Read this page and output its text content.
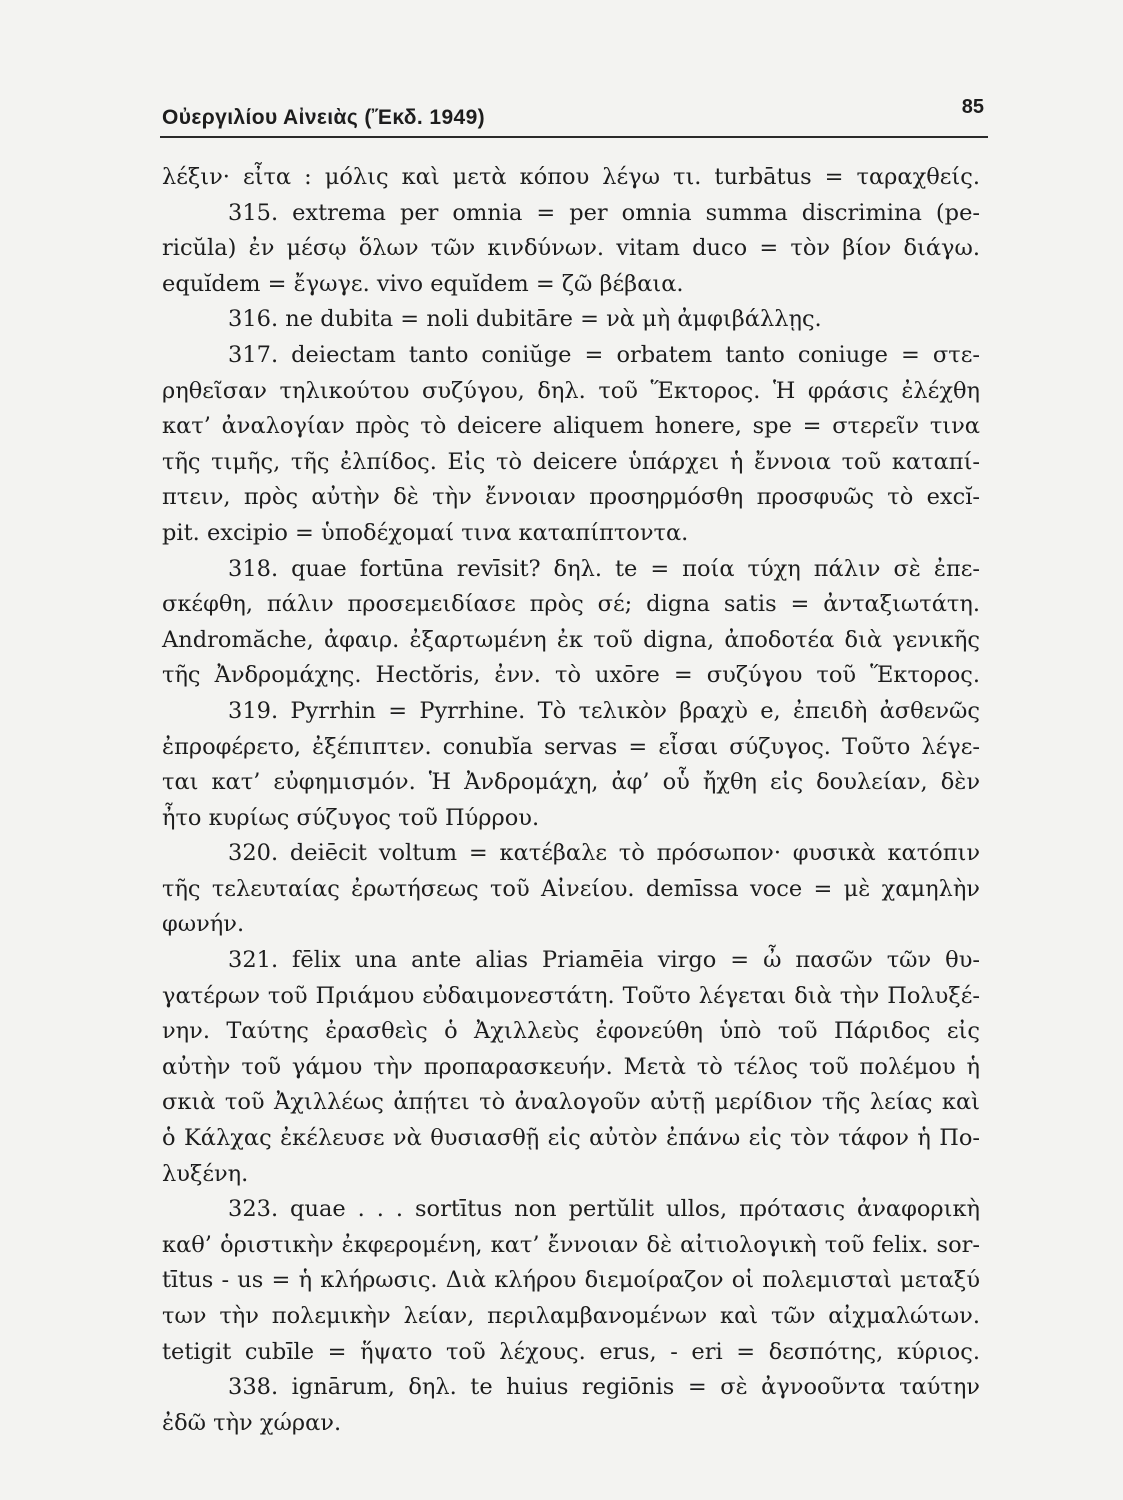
Οὐεργιλίου Αἰνειὰς (Ἔκδ. 1949)	85
λέξιν· εἶτα : μόλις καὶ μετὰ κόπου λέγω τι. turbātus = ταραχθείς.
315. extrema per omnia = per omnia summa discrimina (pe-
ricŭla) ἐν μέσῳ ὅλων τῶν κινδύνων. vitam duco = τὸν βίον διάγω.
equĭdem = ἔγωγε. vivo equĭdem = ζῶ βέβαια.
316. ne dubita = noli dubitāre = νὰ μὴ ἀμφιβάλλῃς.
317. deiectam tanto coniŭge = orbatem tanto coniuge = στε-
ρηθεῖσαν τηλικούτου συζύγου, δηλ. τοῦ Ἕκτορος. Ἡ φράσις ἐλέχθη
κατ’ ἀναλογίαν πρὸς τὸ deicere aliquem honere, spe = στερεῖν τινα
τῆς τιμῆς, τῆς ἐλπίδος. Εἰς τὸ deicere ὑπάρχει ἡ ἔννοια τοῦ καταπί-
πτειν, πρὸς αὐτὴν δὲ τὴν ἔννοιαν προσηρμόσθη προσφυῶς τὸ excĭ-
pit. excipio = ὑποδέχομαί τινα καταπίπτοντα.
318. quae fortūna revīsit? δηλ. te = ποία τύχη πάλιν σὲ ἐπε-
σκέφθη, πάλιν προσεμειδίασε πρὸς σέ; digna satis = ἀνταξιωτάτη.
Andromăche, ἀφαιρ. ἐξαρτωμένη ἐκ τοῦ digna, ἀποδοτέα διὰ γενικῆς
τῆς Ἀνδρομάχης. Hectŏris, ἐνν. τὸ uxōre = συζύγου τοῦ Ἕκτορος.
319. Pyrrhin = Pyrrhine. Τὸ τελικὸν βραχὺ e, ἐπειδὴ ἀσθενῶς
ἐπροφέρετο, ἐξέπιπτεν. conubĭa servas = εἶσαι σύζυγος. Τοῦτο λέγε-
ται κατ’ εὐφημισμόν. Ἡ Ἀνδρομάχη, ἀφ’ οὗ ἤχθη εἰς δουλείαν, δὲν
ἦτο κυρίως σύζυγος τοῦ Πύρρου.
320. deiēcit voltum = κατέβαλε τὸ πρόσωπον· φυσικὰ κατόπιν
τῆς τελευταίας ἐρωτήσεως τοῦ Αἰνείου. demīssa voce = μὲ χαμηλὴν
φωνήν.
321. fēlix una ante alias Priamēia virgo = ὦ πασῶν τῶν θυ-
γατέρων τοῦ Πριάμου εὐδαιμονεστάτη. Τοῦτο λέγεται διὰ τὴν Πολυξέ-
νην. Ταύτης ἐρασθεὶς ὁ Ἀχιλλεὺς ἐφονεύθη ὑπὸ τοῦ Πάριδος εἰς
αὐτὴν τοῦ γάμου τὴν προπαρασκευήν. Μετὰ τὸ τέλος τοῦ πολέμου ἡ
σκιὰ τοῦ Ἀχιλλέως ἀπῄτει τὸ ἀναλογοῦν αὐτῇ μερίδιον τῆς λείας καὶ
ὁ Κάλχας ἐκέλευσε νὰ θυσιασθῇ εἰς αὐτὸν ἐπάνω εἰς τὸν τάφον ἡ Πο-
λυξένη.
323. quae . . . sortītus non pertŭlit ullos, πρότασις ἀναφορικὴ
καθ’ ὁριστικὴν ἐκφερομένη, κατ’ ἔννοιαν δὲ αἰτιολογικὴ τοῦ felix. sor-
tītus - us = ἡ κλήρωσις. Διὰ κλήρου διεμοίραζον οἱ πολεμισταὶ μεταξύ
των τὴν πολεμικὴν λείαν, περιλαμβανομένων καὶ τῶν αἰχμαλώτων.
tetigit cubīle = ἥψατο τοῦ λέχους. erus, - eri = δεσπότης, κύριος.
338. ignārum, δηλ. te huius regiōnis = σὲ ἀγνοοῦντα ταύτην
ἐδῶ τὴν χώραν.
